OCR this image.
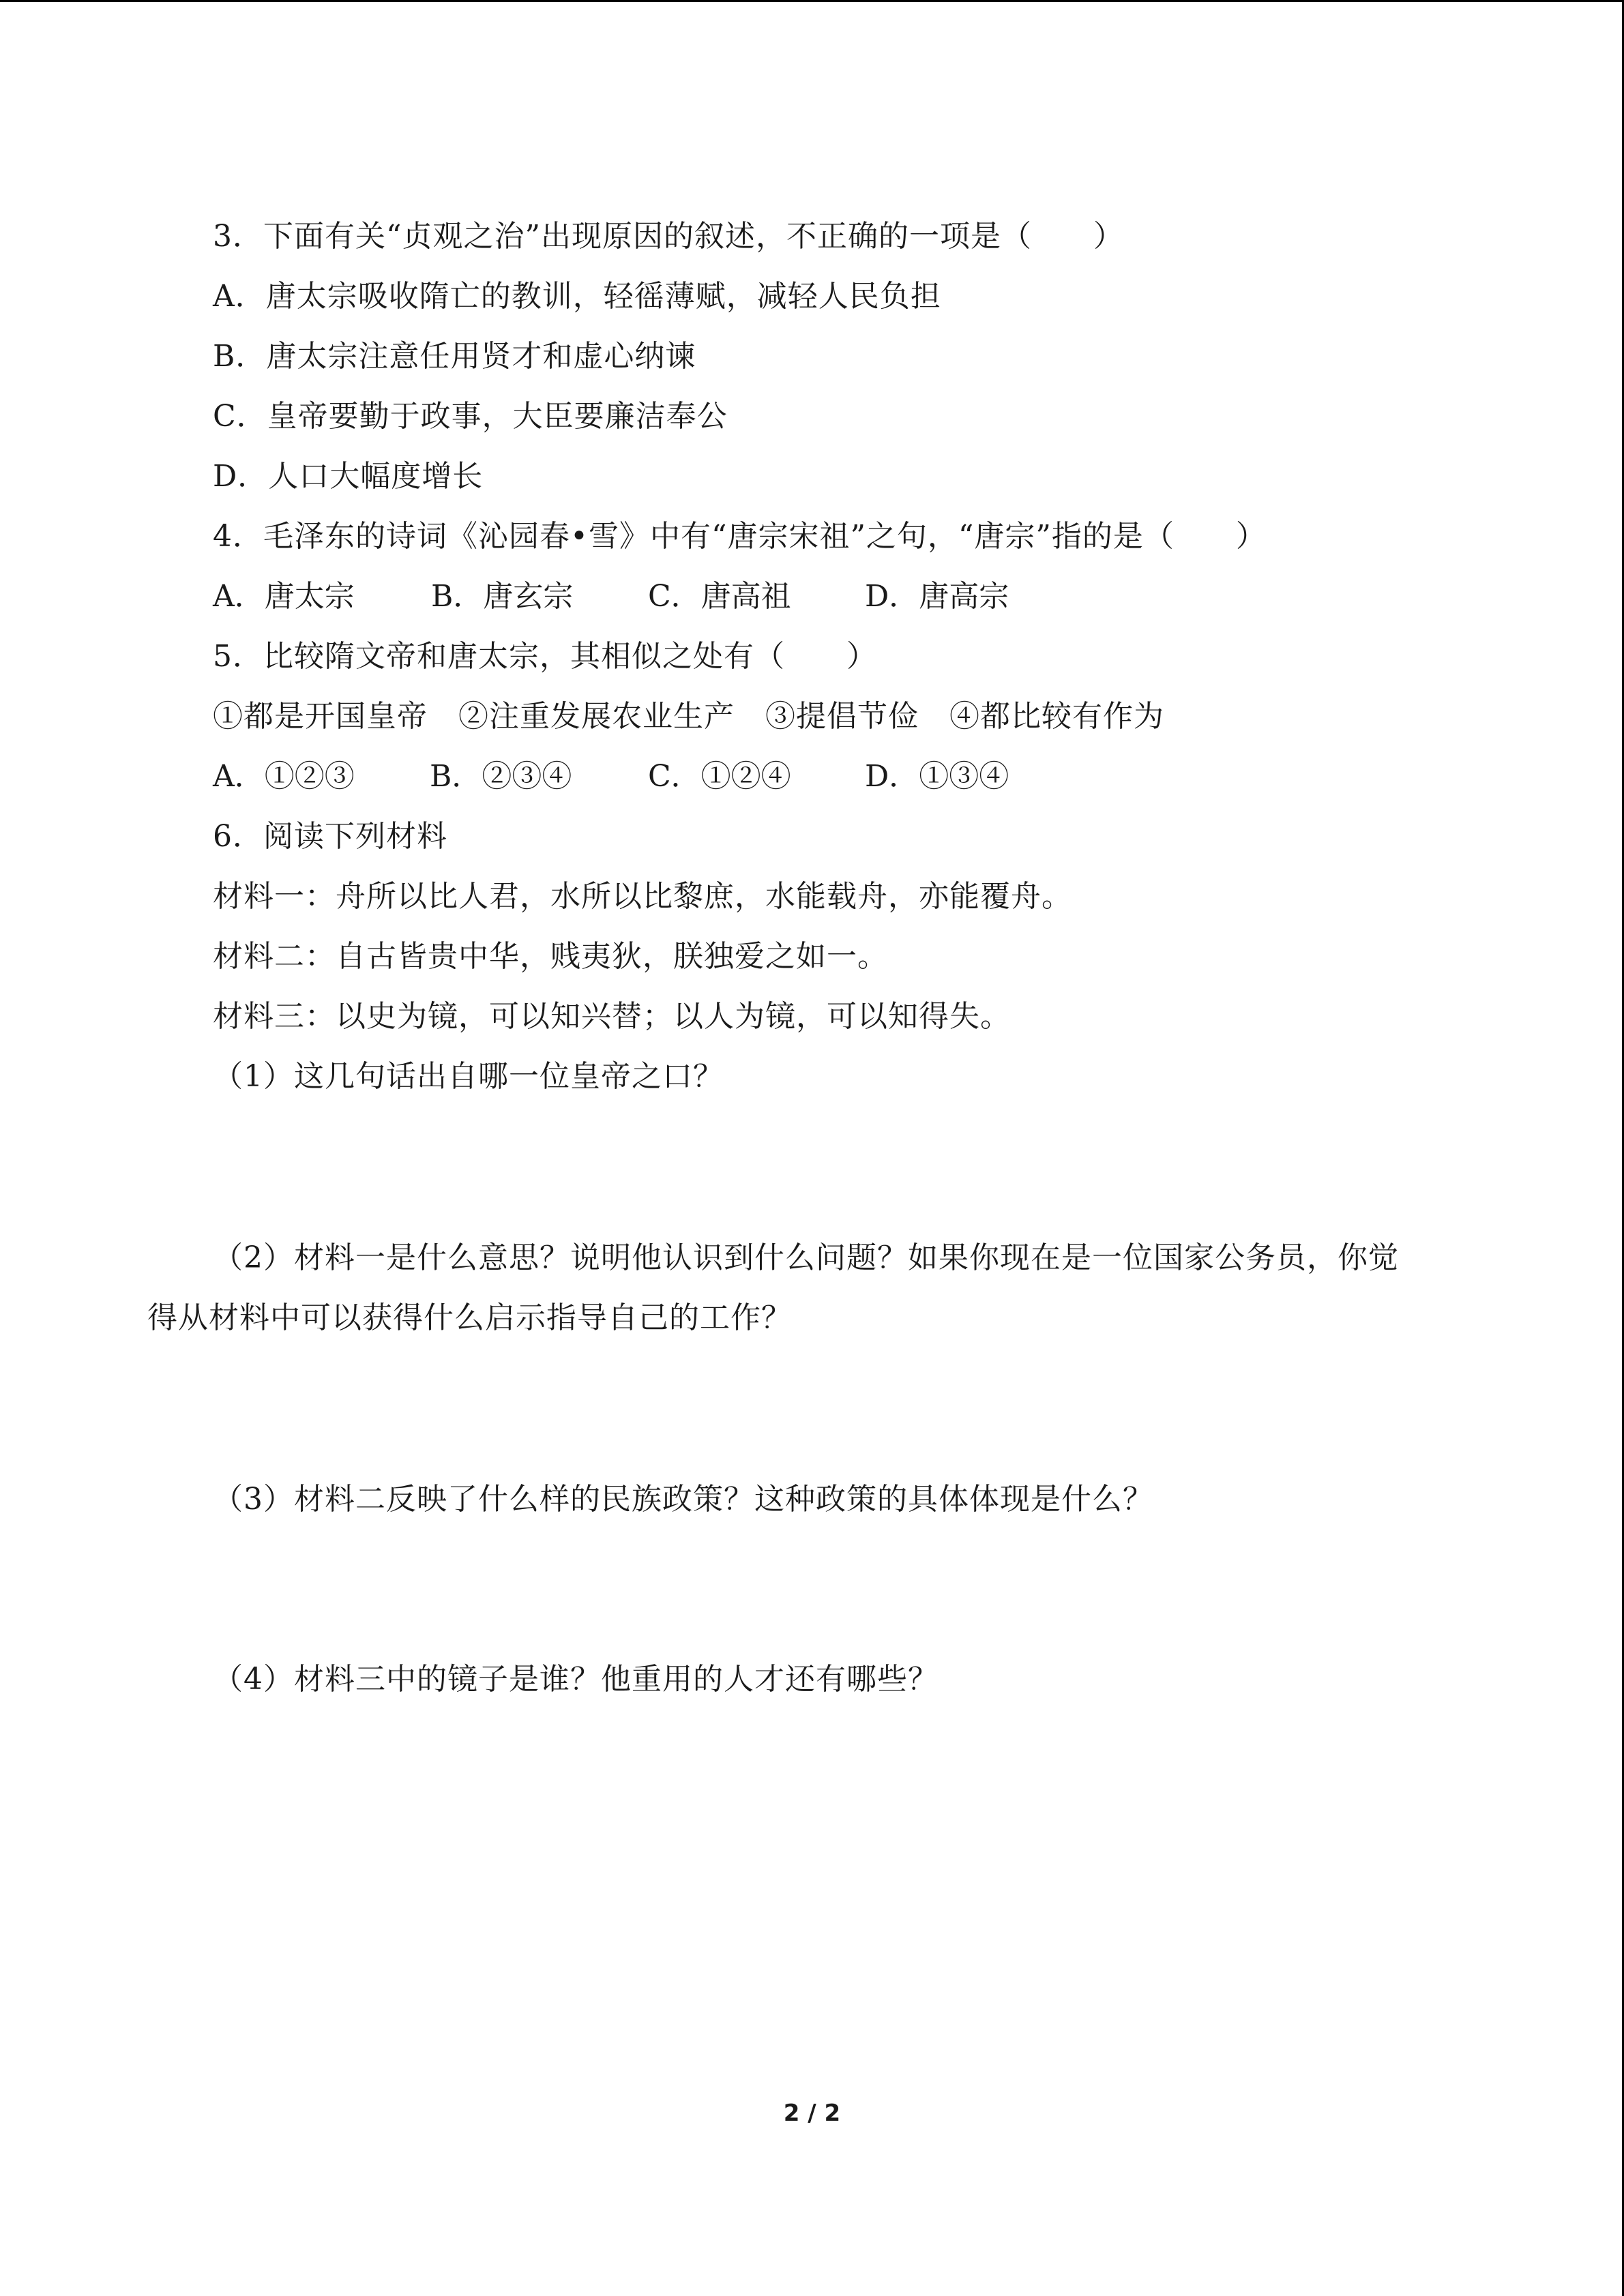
3．下面有关“贞观之治”出现原因的叙述，不正确的一项是（　　）
A．唐太宗吸收隋亡的教训，轻徭薄赋，减轻人民负担
B．唐太宗注意任用贤才和虚心纳谏
C．皇帝要勤于政事，大臣要廉洁奉公
D．人口大幅度增长
4．毛泽东的诗词《沁园春•雪》中有“唐宗宋祖”之句，“唐宗”指的是（　　）
A．唐太宗	B．唐玄宗 C．唐高祖 D．唐高宗
5．比较隋文帝和唐太宗，其相似之处有（　　）
①都是开国皇帝　②注重发展农业生产　③提倡节俭　④都比较有作为
A．①②③	B．②③④	C．①②④ D．①③④
6．阅读下列材料
材料一：舟所以比人君，水所以比黎庶，水能载舟，亦能覆舟。
材料二：自古皆贵中华，贱夷狄，朕独爱之如一。
材料三：以史为镜，可以知兴替；以人为镜，可以知得失。
（1）这几句话出自哪一位皇帝之口？
（2）材料一是什么意思？说明他认识到什么问题？如果你现在是一位国家公务员，你觉
得从材料中可以获得什么启示指导自己的工作？
（3）材料二反映了什么样的民族政策？这种政策的具体体现是什么？
（4）材料三中的镜子是谁？他重用的人才还有哪些？
2 / 2
